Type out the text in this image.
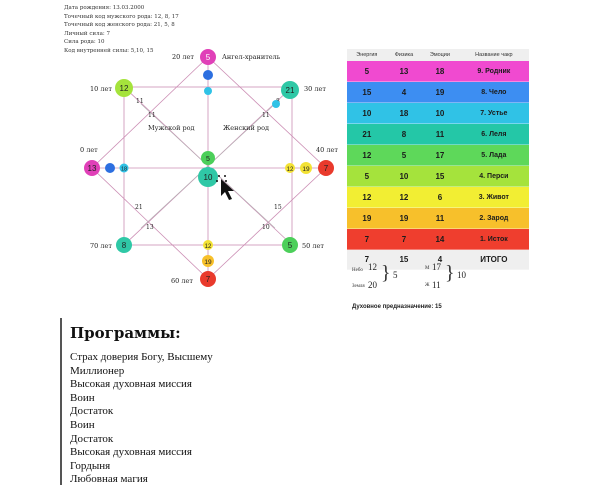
Дата рождения: 13.03.2000
Точечный код мужского рода: 12, 8, 17
Точечный код женского рода: 21, 5, 8
Личный сила: 7
Сила рода: 10
Код внутренней силы: 5,10, 15
20 лет
30 лет
40 лет
50 лет
60 лет
70 лет
0 лет
10 лет
Ангел-хранитель
Мужской род	Женский род
11
11	11
13
21
10
15
5
21
7
19
12
5
7
19
12
8
13	18
12
5
10
Энергия	Физика	Эмоции	Название чакр
5	13	18	9. Родник
15	4	19	8. Чело
10	18	10	7. Устье
21	8	11	6. Леля
12	5	17	5. Лада
5	10	15	4. Перси
12	12	6	3. Живот
19	19	11	2. Зарод
7	7	14	1. Исток
7	15	4	ИТОГО
Небо 12
Земля 20
} 5
М 17
Ж 11
} 10
Духовное предназначение: 15
Программы:
Страх доверия Богу, Высшему
Миллионер
Высокая духовная миссия
Воин
Достаток
Воин
Достаток
Высокая духовная миссия
Гордыня
Любовная магия
